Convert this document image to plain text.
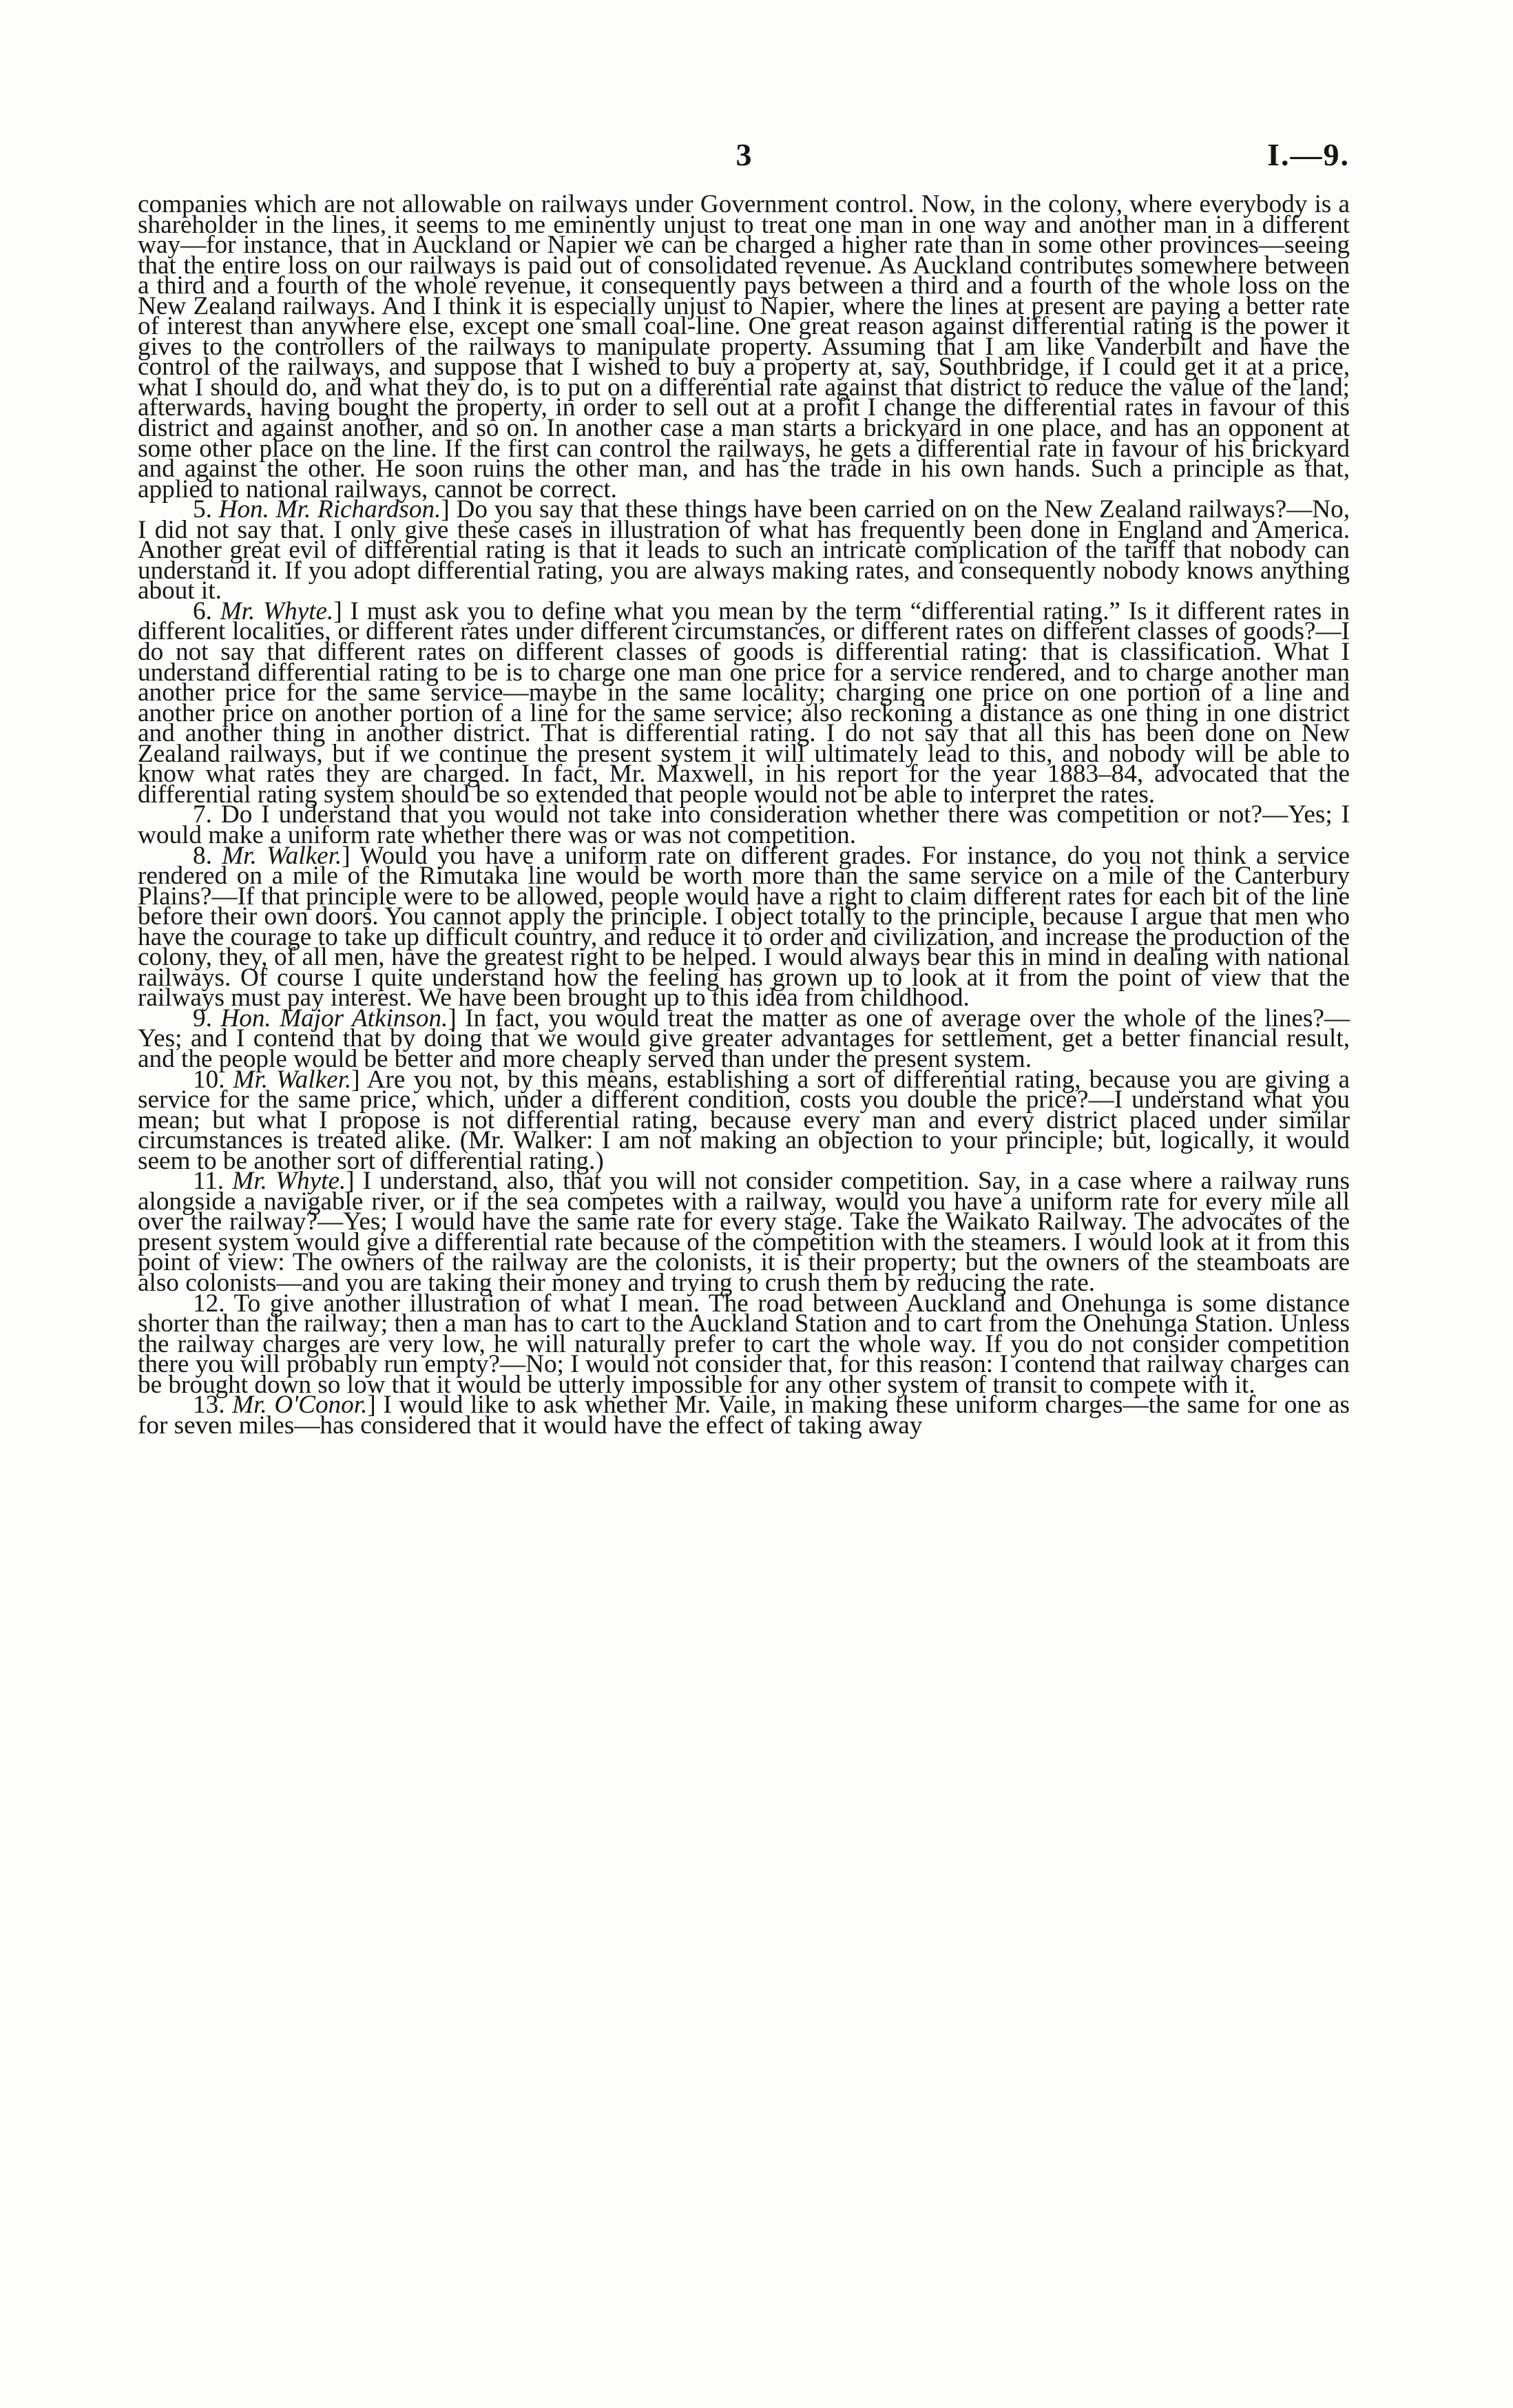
3	I.—9.

companies which are not allowable on railways under Government control. Now, in the colony, where everybody is a shareholder in the lines, it seems to me eminently unjust to treat one man in one way and another man in a different way—for instance, that in Auckland or Napier we can be charged a higher rate than in some other provinces—seeing that the entire loss on our railways is paid out of consolidated revenue. As Auckland contributes somewhere between a third and a fourth of the whole revenue, it consequently pays between a third and a fourth of the whole loss on the New Zealand railways. And I think it is especially unjust to Napier, where the lines at present are paying a better rate of interest than anywhere else, except one small coal-line. One great reason against differential rating is the power it gives to the controllers of the railways to manipulate property. Assuming that I am like Vanderbilt and have the control of the railways, and suppose that I wished to buy a property at, say, Southbridge, if I could get it at a price, what I should do, and what they do, is to put on a differential rate against that district to reduce the value of the land; afterwards, having bought the property, in order to sell out at a profit I change the differential rates in favour of this district and against another, and so on. In another case a man starts a brickyard in one place, and has an opponent at some other place on the line. If the first can control the railways, he gets a differential rate in favour of his brickyard and against the other. He soon ruins the other man, and has the trade in his own hands. Such a principle as that, applied to national railways, cannot be correct.

5. Hon. Mr. Richardson.] Do you say that these things have been carried on on the New Zealand railways?—No, I did not say that. I only give these cases in illustration of what has frequently been done in England and America. Another great evil of differential rating is that it leads to such an intricate complication of the tariff that nobody can understand it. If you adopt differential rating, you are always making rates, and consequently nobody knows anything about it.

6. Mr. Whyte.] I must ask you to define what you mean by the term “differential rating.” Is it different rates in different localities, or different rates under different circumstances, or different rates on different classes of goods?—I do not say that different rates on different classes of goods is differential rating: that is classification. What I understand differential rating to be is to charge one man one price for a service rendered, and to charge another man another price for the same service—maybe in the same locality; charging one price on one portion of a line and another price on another portion of a line for the same service; also reckoning a distance as one thing in one district and another thing in another district. That is differential rating. I do not say that all this has been done on New Zealand railways, but if we continue the present system it will ultimately lead to this, and nobody will be able to know what rates they are charged. In fact, Mr. Maxwell, in his report for the year 1883–84, advocated that the differential rating system should be so extended that people would not be able to interpret the rates.

7. Do I understand that you would not take into consideration whether there was competition or not?—Yes; I would make a uniform rate whether there was or was not competition.

8. Mr. Walker.] Would you have a uniform rate on different grades. For instance, do you not think a service rendered on a mile of the Rimutaka line would be worth more than the same service on a mile of the Canterbury Plains?—If that principle were to be allowed, people would have a right to claim different rates for each bit of the line before their own doors. You cannot apply the principle. I object totally to the principle, because I argue that men who have the courage to take up difficult country, and reduce it to order and civilization, and increase the production of the colony, they, of all men, have the greatest right to be helped. I would always bear this in mind in dealing with national railways. Of course I quite understand how the feeling has grown up to look at it from the point of view that the railways must pay interest. We have been brought up to this idea from childhood.

9. Hon. Major Atkinson.] In fact, you would treat the matter as one of average over the whole of the lines?—Yes; and I contend that by doing that we would give greater advantages for settlement, get a better financial result, and the people would be better and more cheaply served than under the present system.

10. Mr. Walker.] Are you not, by this means, establishing a sort of differential rating, because you are giving a service for the same price, which, under a different condition, costs you double the price?—I understand what you mean; but what I propose is not differential rating, because every man and every district placed under similar circumstances is treated alike. (Mr. Walker: I am not making an objection to your principle; but, logically, it would seem to be another sort of differential rating.)

11. Mr. Whyte.] I understand, also, that you will not consider competition. Say, in a case where a railway runs alongside a navigable river, or if the sea competes with a railway, would you have a uniform rate for every mile all over the railway?—Yes; I would have the same rate for every stage. Take the Waikato Railway. The advocates of the present system would give a differential rate because of the competition with the steamers. I would look at it from this point of view: The owners of the railway are the colonists, it is their property; but the owners of the steamboats are also colonists—and you are taking their money and trying to crush them by reducing the rate.

12. To give another illustration of what I mean. The road between Auckland and Onehunga is some distance shorter than the railway; then a man has to cart to the Auckland Station and to cart from the Onehunga Station. Unless the railway charges are very low, he will naturally prefer to cart the whole way. If you do not consider competition there you will probably run empty?—No; I would not consider that, for this reason: I contend that railway charges can be brought down so low that it would be utterly impossible for any other system of transit to compete with it.

13. Mr. O'Conor.] I would like to ask whether Mr. Vaile, in making these uniform charges—the same for one as for seven miles—has considered that it would have the effect of taking away
